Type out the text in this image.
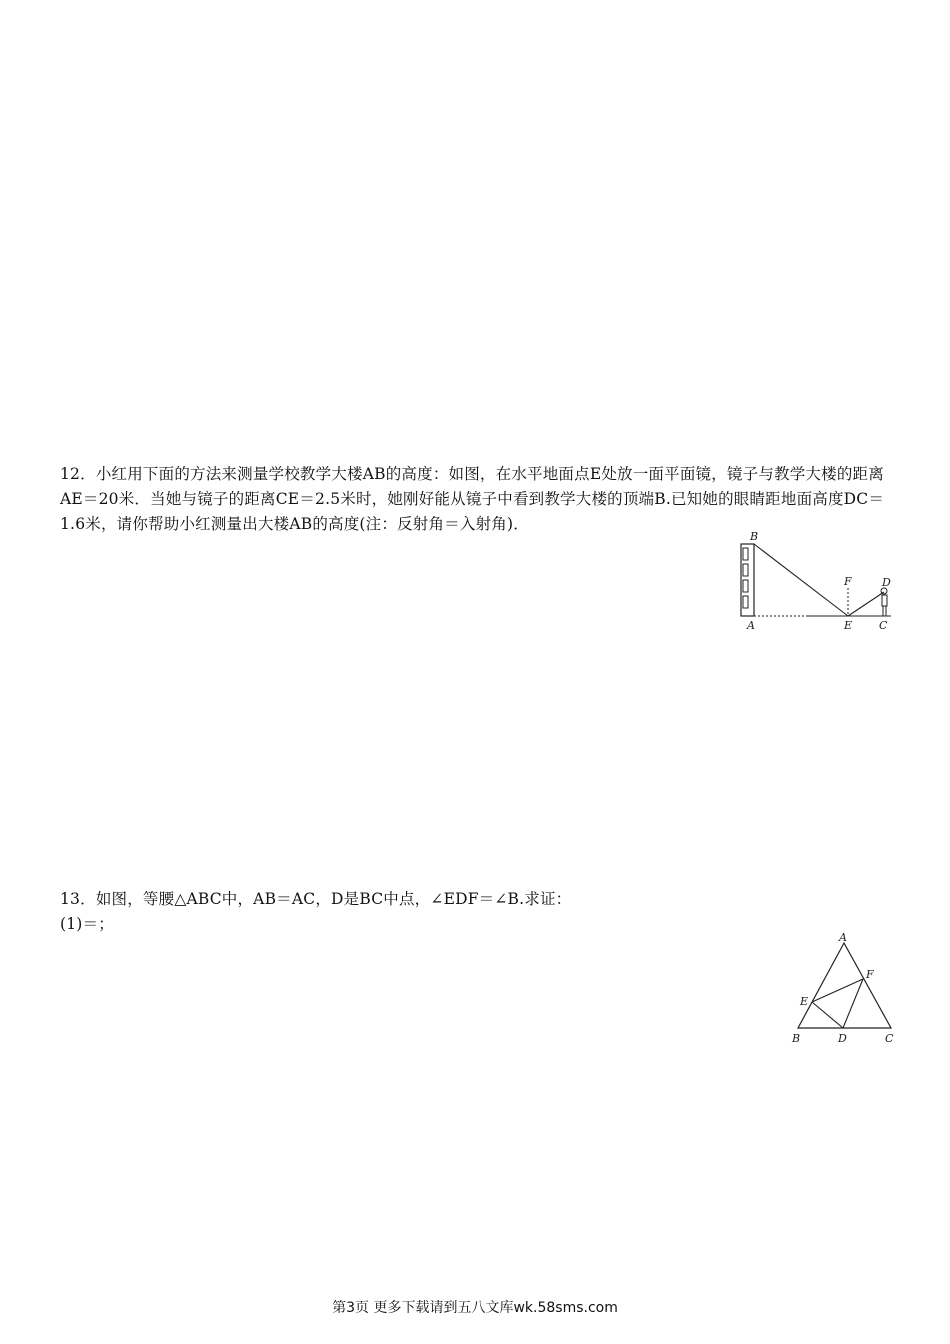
12．小红用下面的方法来测量学校教学大楼AB的高度：如图，在水平地面点E处放一面平面镜，镜子与教学大楼的距离AE＝20米．当她与镜子的距离CE＝2.5米时，她刚好能从镜子中看到教学大楼的顶端B.已知她的眼睛距地面高度DC＝1.6米，请你帮助小红测量出大楼AB的高度(注：反射角＝入射角)．

B
A
F
E
D
C

13．如图，等腰△ABC中，AB＝AC，D是BC中点，∠EDF＝∠B.求证：

(1)＝；

A
F
E
B	D	C
第3页 更多下载请到五八文库wk.58sms.com
